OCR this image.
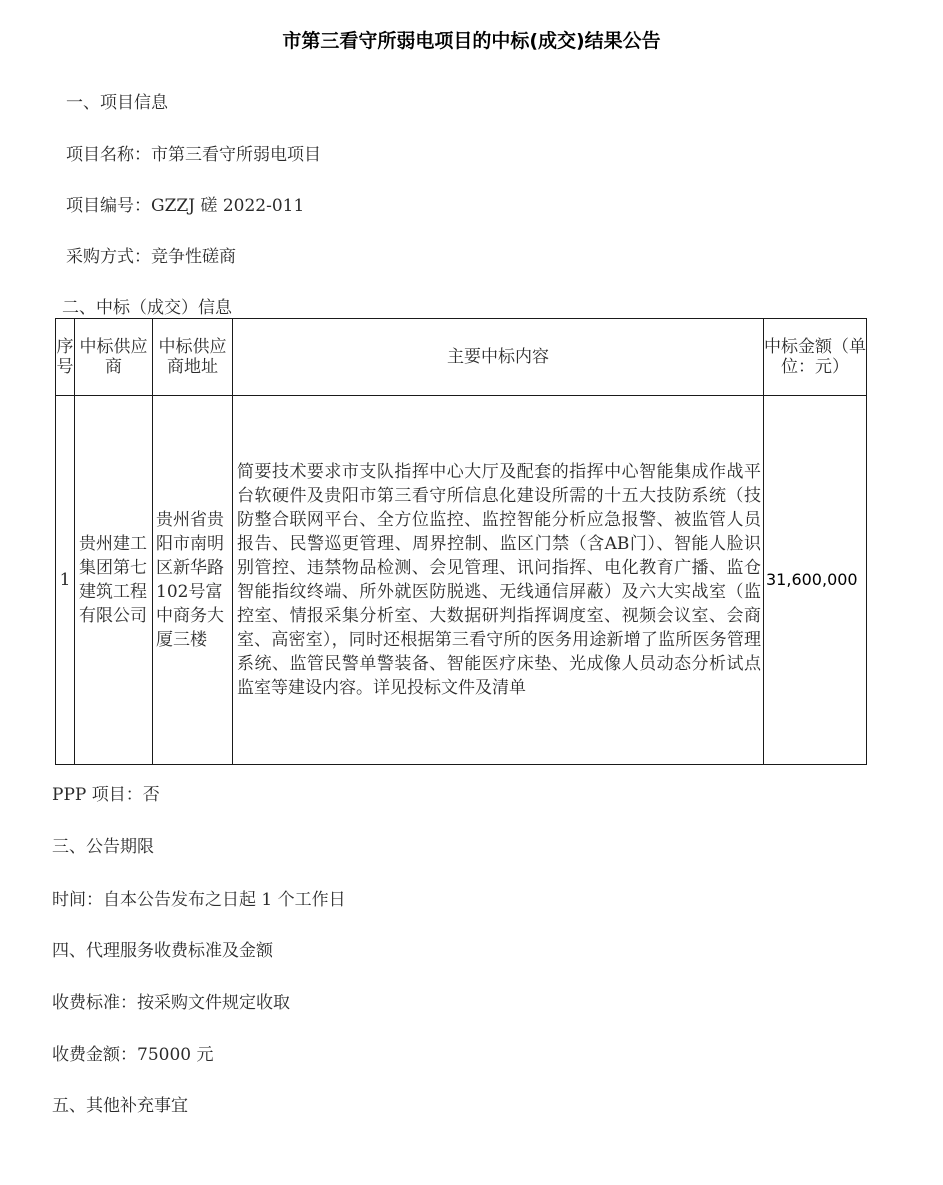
市第三看守所弱电项目的中标(成交)结果公告
一、项目信息
项目名称：市第三看守所弱电项目
项目编号：GZZJ 磋 2022-011
采购方式：竞争性磋商
二、中标（成交）信息
序号	中标供应商	中标供应商地址	主要中标内容	中标金额（单位：元）
1	贵州建工集团第七建筑工程有限公司	贵州省贵阳市南明区新华路102号富中商务大厦三楼	简要技术要求市支队指挥中心大厅及配套的指挥中心智能集成作战平台软硬件及贵阳市第三看守所信息化建设所需的十五大技防系统（技防整合联网平台、全方位监控、监控智能分析应急报警、被监管人员报告、民警巡更管理、周界控制、监区门禁（含AB门）、智能人脸识别管控、违禁物品检测、会见管理、讯问指挥、电化教育广播、监仓智能指纹终端、所外就医防脱逃、无线通信屏蔽）及六大实战室（监控室、情报采集分析室、大数据研判指挥调度室、视频会议室、会商室、高密室），同时还根据第三看守所的医务用途新增了监所医务管理系统、监管民警单警装备、智能医疗床垫、光成像人员动态分析试点监室等建设内容。详见投标文件及清单	31,600,000
PPP 项目：否
三、公告期限
时间：自本公告发布之日起 1 个工作日
四、代理服务收费标准及金额
收费标准：按采购文件规定收取
收费金额：75000 元
五、其他补充事宜
